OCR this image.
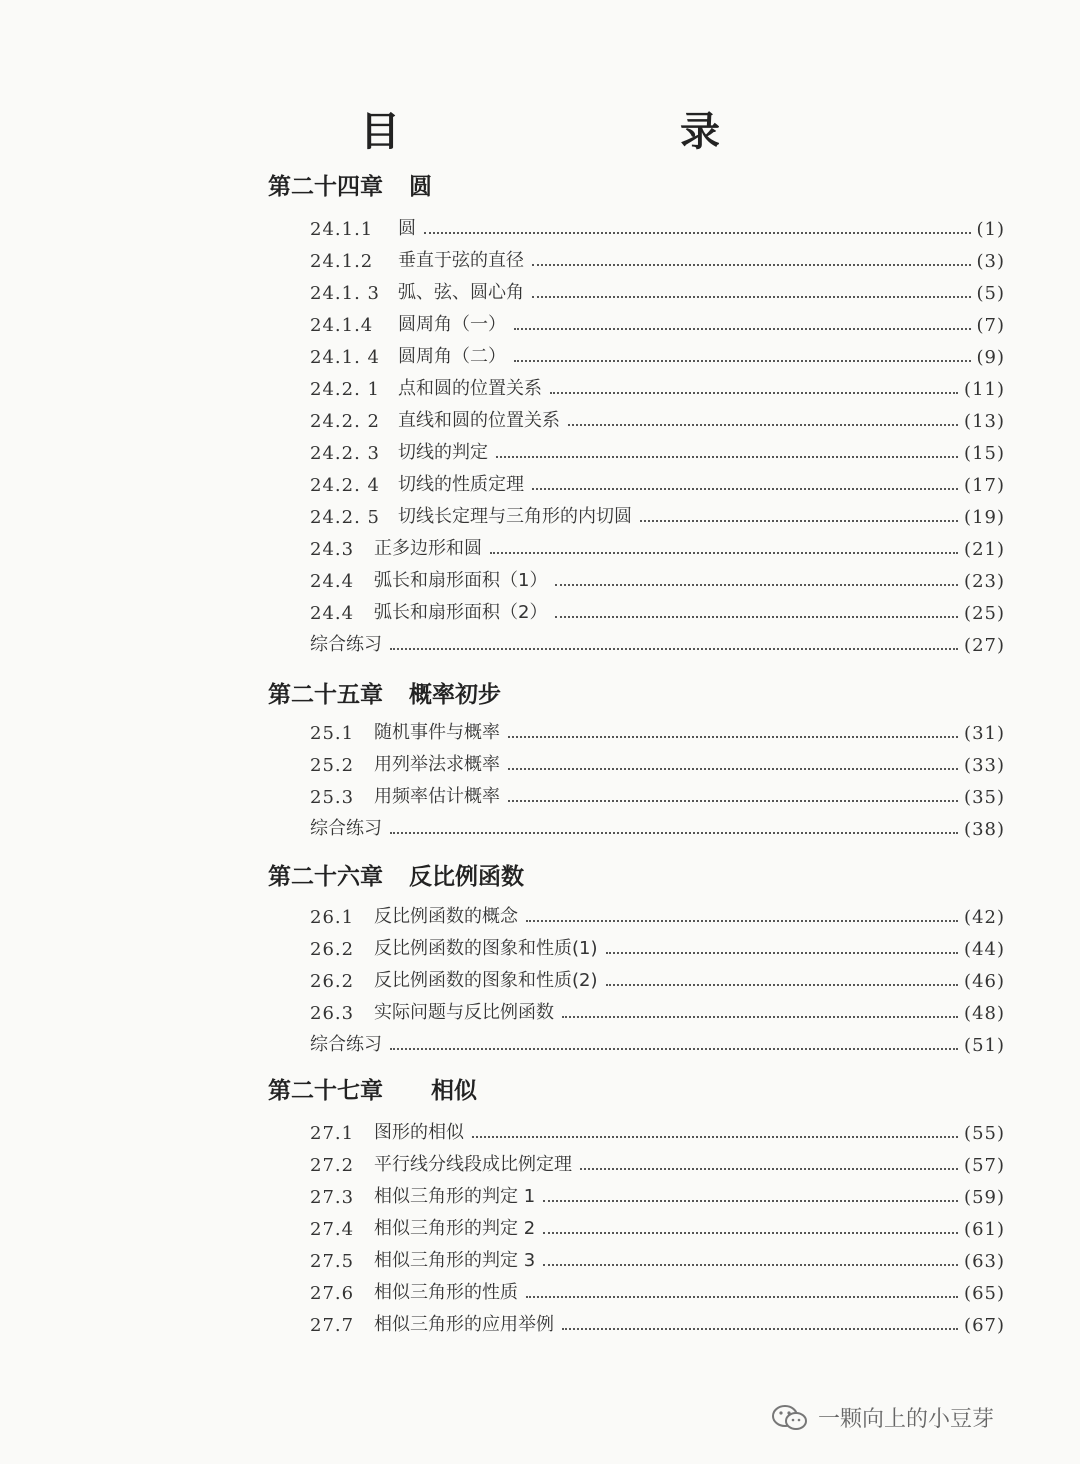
目　录
第二十四章 圆
24.1.1	圆	(1)
24.1.2	垂直于弦的直径	(3)
24.1. 3	弧、弦、圆心角	(5)
24.1.4	圆周角（一）	(7)
24.1. 4	圆周角（二）	(9)
24.2. 1	点和圆的位置关系	(11)
24.2. 2	直线和圆的位置关系	(13)
24.2. 3	切线的判定	(15)
24.2. 4	切线的性质定理	(17)
24.2. 5	切线长定理与三角形的内切圆	(19)
24.3	正多边形和圆	(21)
24.4	弧长和扇形面积（1）	(23)
24.4	弧长和扇形面积（2）	(25)
综合练习	(27)
第二十五章 概率初步
25.1	随机事件与概率	(31)
25.2	用列举法求概率	(33)
25.3	用频率估计概率	(35)
综合练习	(38)
第二十六章 反比例函数
26.1	反比例函数的概念	(42)
26.2	反比例函数的图象和性质(1)	(44)
26.2	反比例函数的图象和性质(2)	(46)
26.3	实际问题与反比例函数	(48)
综合练习	(51)
第二十七章 相似
27.1	图形的相似	(55)
27.2	平行线分线段成比例定理	(57)
27.3	相似三角形的判定 1	(59)
27.4	相似三角形的判定 2	(61)
27.5	相似三角形的判定 3	(63)
27.6	相似三角形的性质	(65)
27.7	相似三角形的应用举例	(67)
一颗向上的小豆芽
